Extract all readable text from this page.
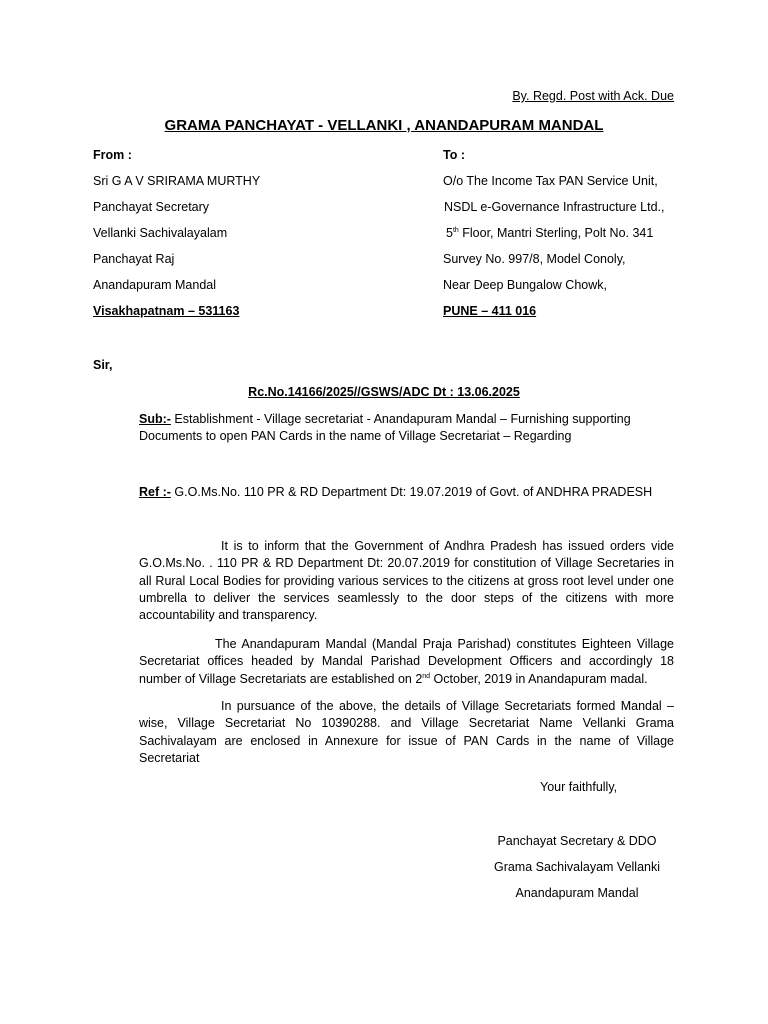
By. Regd. Post with Ack. Due
GRAMA PANCHAYAT - VELLANKI , ANANDAPURAM MANDAL
From :
Sri G A V SRIRAMA MURTHY
Panchayat Secretary
Vellanki Sachivalayalam
Panchayat Raj
Anandapuram Mandal
Visakhapatnam – 531163
To :
O/o The Income Tax PAN Service Unit,
NSDL e-Governance Infrastructure Ltd.,
5th Floor, Mantri Sterling, Polt No. 341
Survey No. 997/8, Model Conoly,
Near Deep Bungalow Chowk,
PUNE – 411 016
Sir,
Rc.No.14166/2025//GSWS/ADC Dt : 13.06.2025
Sub:- Establishment - Village secretariat - Anandapuram Mandal – Furnishing supporting Documents to open PAN Cards in the name of Village Secretariat – Regarding
Ref :- G.O.Ms.No. 110 PR & RD Department Dt: 19.07.2019 of Govt. of ANDHRA PRADESH
It is to inform that the Government of Andhra Pradesh has issued orders vide G.O.Ms.No. . 110 PR & RD Department Dt: 20.07.2019 for constitution of Village Secretaries in all Rural Local Bodies for providing various services to the citizens at gross root level under one umbrella to deliver the services seamlessly to the door steps of the citizens with more accountability and transparency.
The Anandapuram Mandal (Mandal Praja Parishad) constitutes Eighteen Village Secretariat offices headed by Mandal Parishad Development Officers and accordingly 18 number of Village Secretariats are established on 2nd October, 2019 in Anandapuram madal.
In pursuance of the above, the details of Village Secretariats formed Mandal – wise, Village Secretariat No 10390288. and Village Secretariat Name Vellanki Grama Sachivalayam are enclosed in Annexure for issue of PAN Cards in the name of Village Secretariat
Your faithfully,
Panchayat Secretary & DDO
Grama Sachivalayam Vellanki
Anandapuram Mandal
